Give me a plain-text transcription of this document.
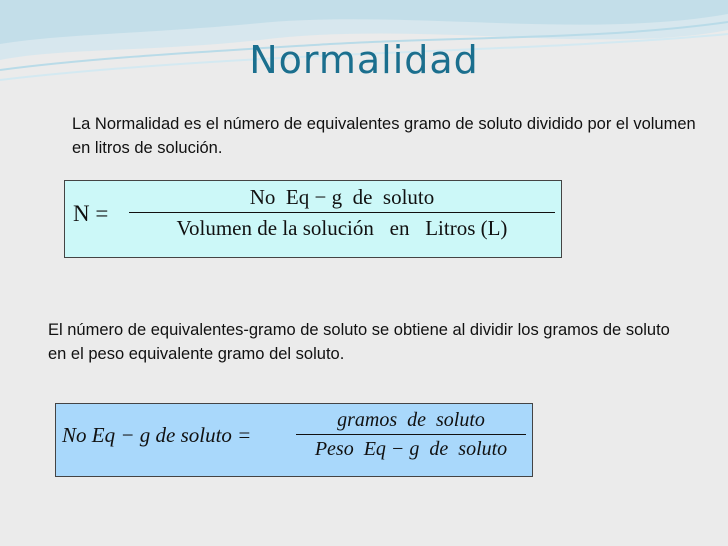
Normalidad
La Normalidad es el número de equivalentes gramo de soluto dividido por el volumen en litros de solución.
N =
No  Eq − g  de  soluto
Volumen de la solución   en   Litros (L)
El número de equivalentes-gramo de soluto se obtiene al dividir los gramos de soluto en el peso equivalente gramo del soluto.
No Eq − g de soluto =
gramos  de  soluto
Peso  Eq − g  de  soluto
